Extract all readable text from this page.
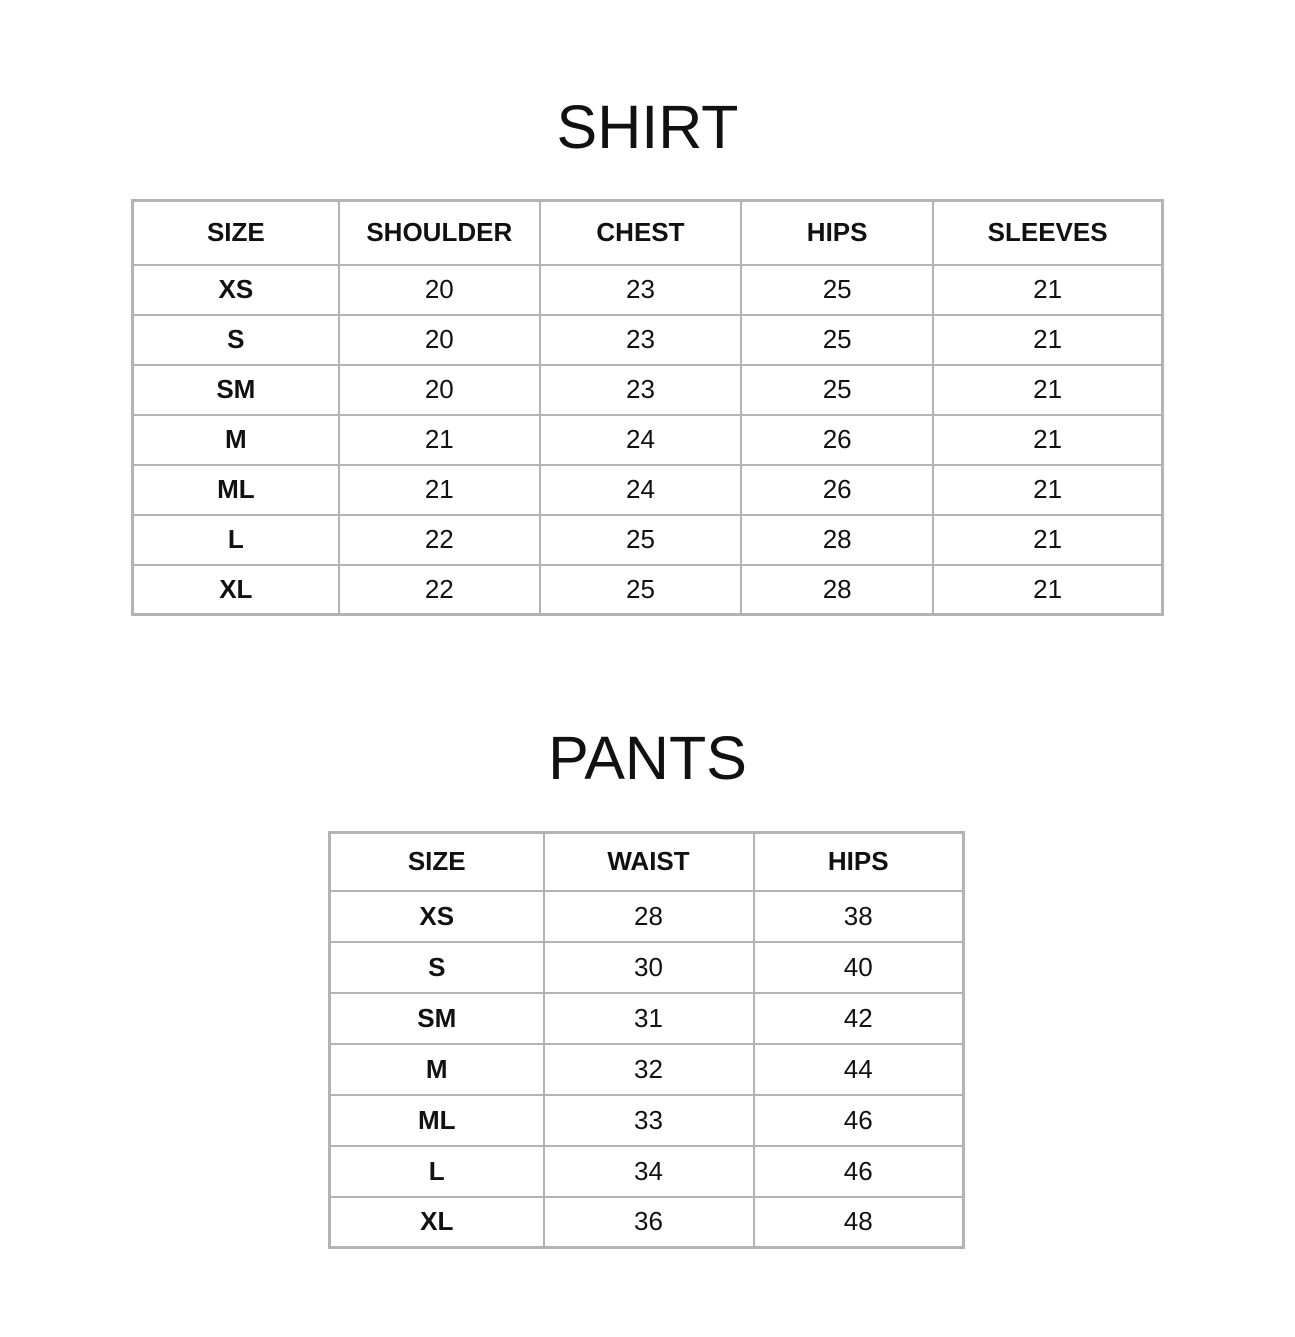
SHIRT
SIZE	SHOULDER	CHEST	HIPS	SLEEVES
XS	20	23	25	21
S	20	23	25	21
SM	20	23	25	21
M	21	24	26	21
ML	21	24	26	21
L	22	25	28	21
XL	22	25	28	21
PANTS
SIZE	WAIST	HIPS
XS	28	38
S	30	40
SM	31	42
M	32	44
ML	33	46
L	34	46
XL	36	48
